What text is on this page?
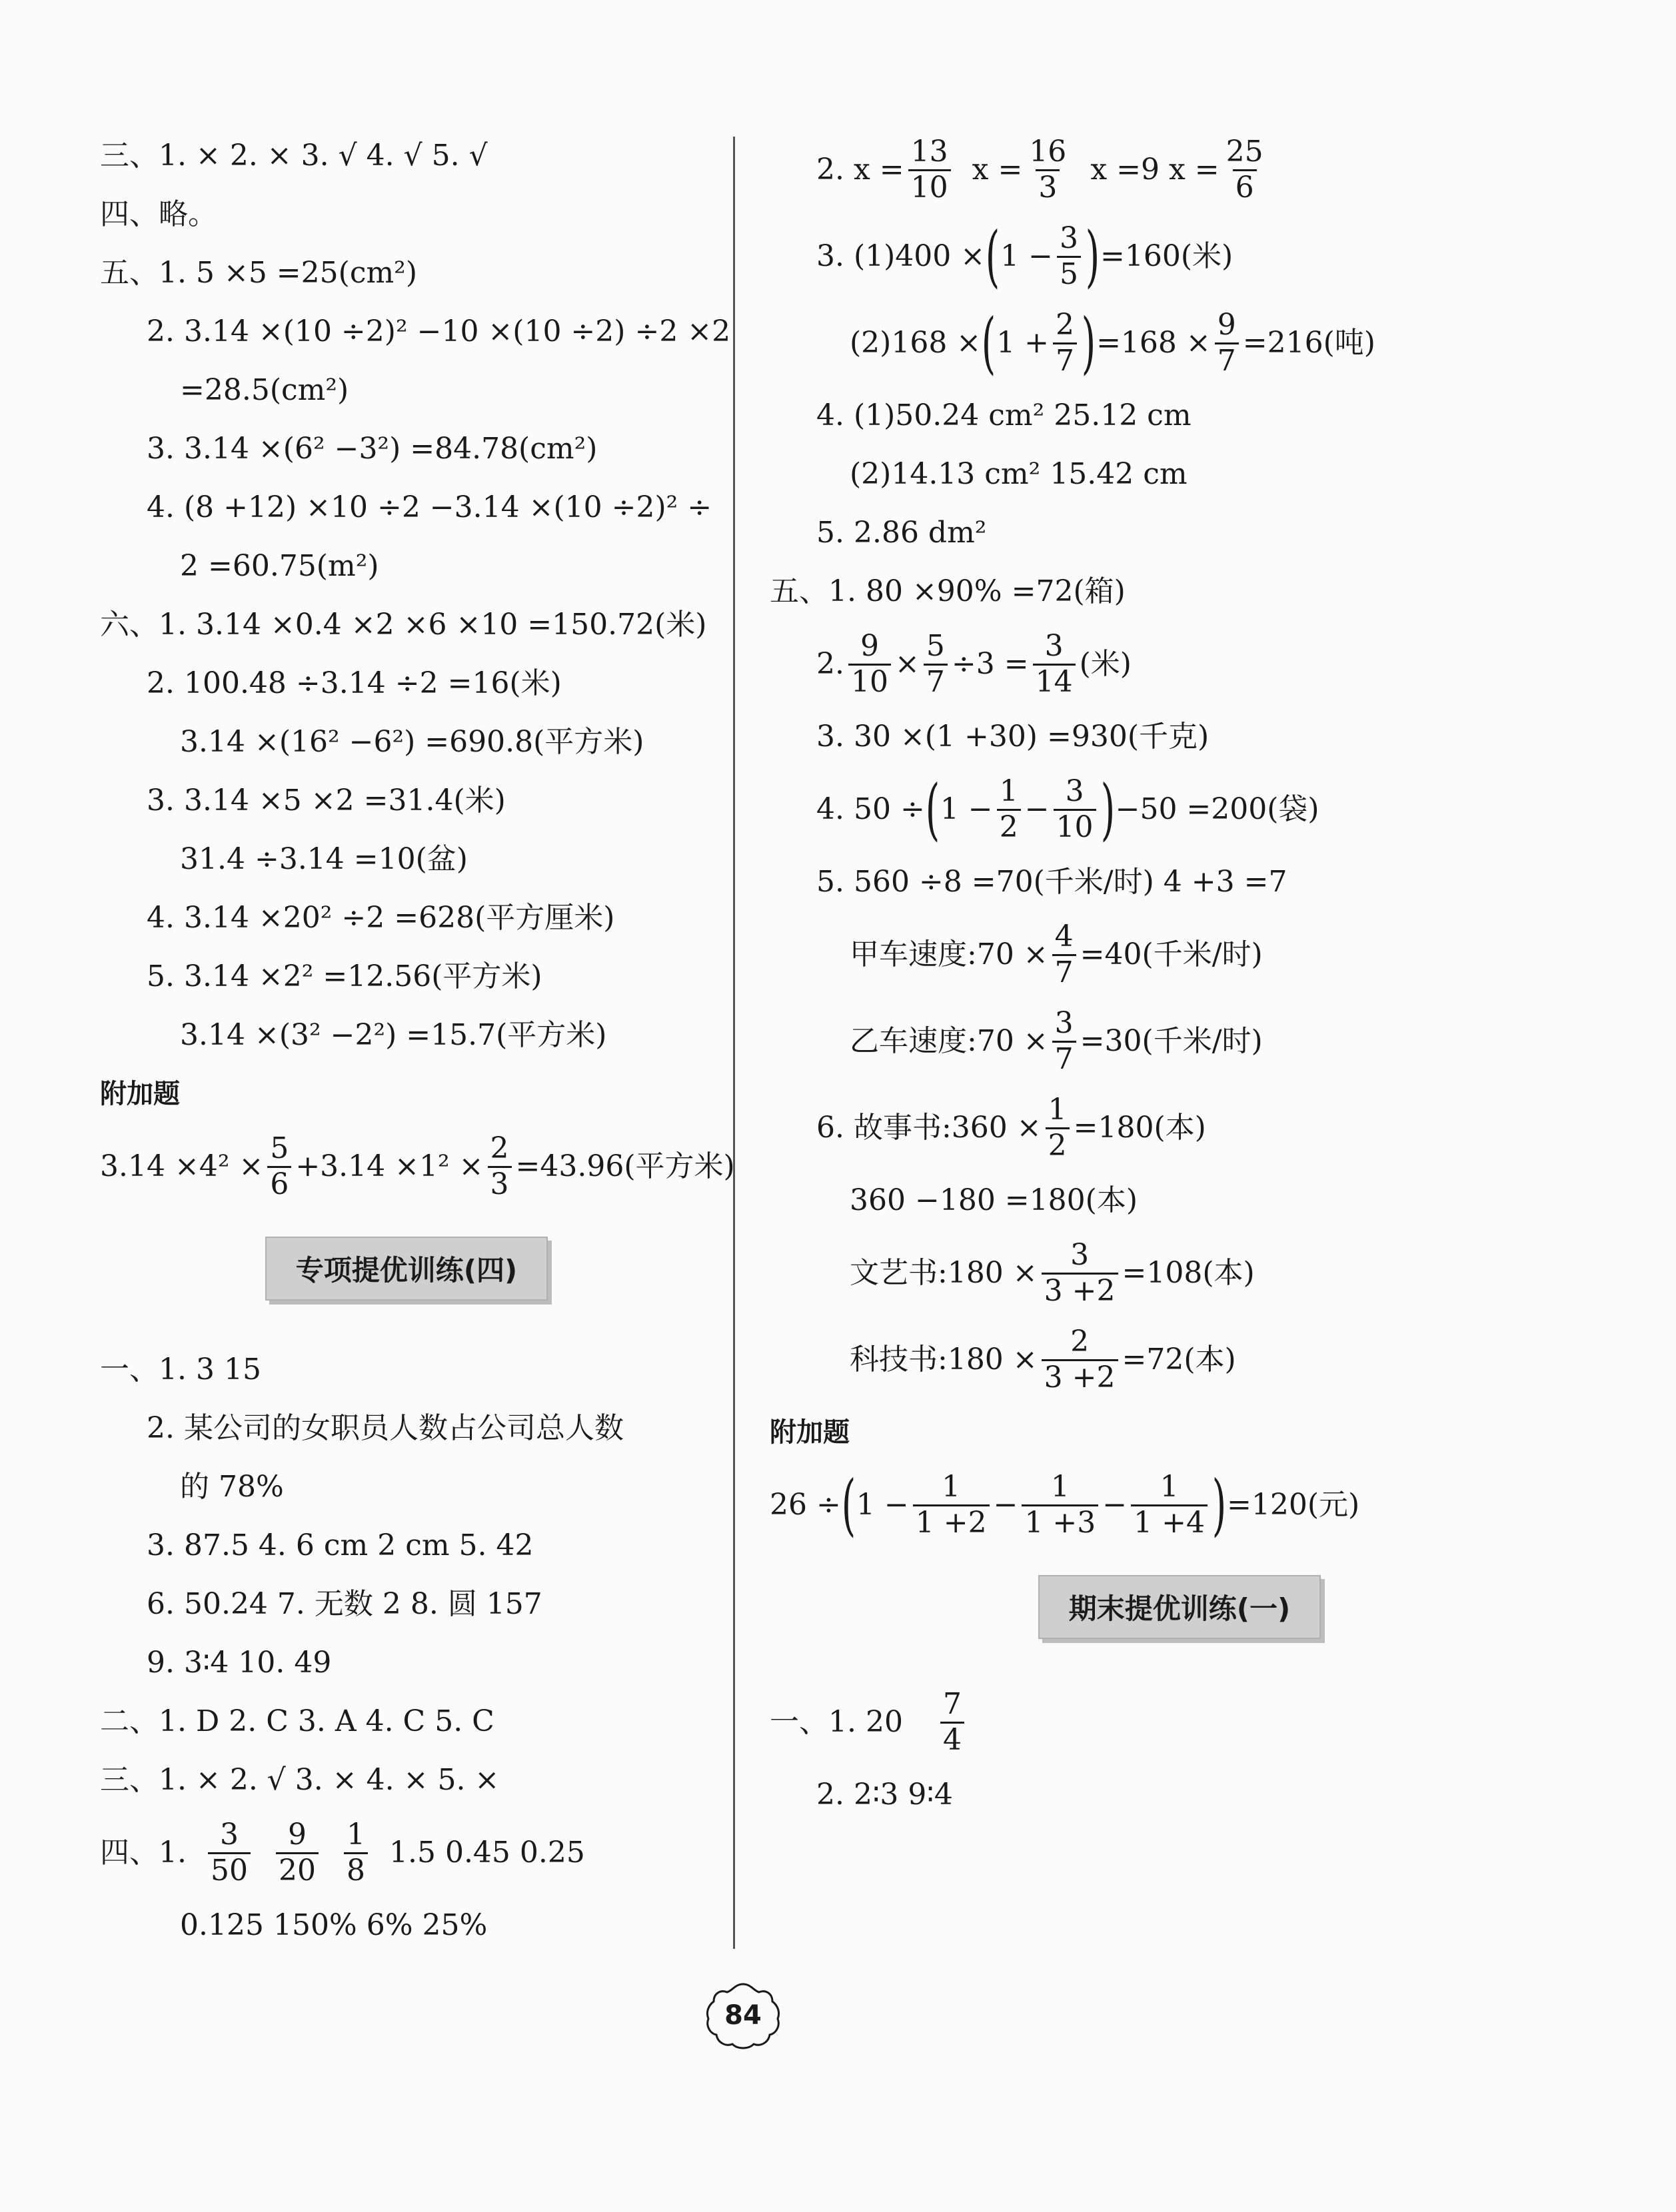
三、1. × 2. × 3. √ 4. √ 5. √
四、略。
五、1. 5 ×5 =25(cm²)
2. 3.14 ×(10 ÷2)² −10 ×(10 ÷2) ÷2 ×2
=28.5(cm²)
3. 3.14 ×(6² −3²) =84.78(cm²)
4. (8 +12) ×10 ÷2 −3.14 ×(10 ÷2)² ÷
2 =60.75(m²)
六、1. 3.14 ×0.4 ×2 ×6 ×10 =150.72(米)
2. 100.48 ÷3.14 ÷2 =16(米)
3.14 ×(16² −6²) =690.8(平方米)
3. 3.14 ×5 ×2 =31.4(米)
31.4 ÷3.14 =10(盆)
4. 3.14 ×20² ÷2 =628(平方厘米)
5. 3.14 ×2² =12.56(平方米)
3.14 ×(3² −2²) =15.7(平方米)
附加题
$3.14 \times 4^2 \times \frac{5}{6} +3.14 \times 1^2 \times \frac{2}{3} =43.96$(平方米)
专项提优训练(四)
一、1. 3 15
2. 某公司的女职员人数占公司总人数
的 78%
3. 87.5 4. 6 cm 2 cm 5. 42
6. 50.24 7. 无数 2 8. 圆 157
9. 3∶4 10. 49
二、1. D 2. C 3. A 4. C 5. C
三、1. × 2. √ 3. × 4. × 5. ×
四、1. $\frac{3}{50} \frac{9}{20} \frac{1}{8} 1.5$ 0.45 0.25
0.125 150% 6% 25%
2. $x = \frac{13}{10}$ $x = \frac{16}{3}$ x =9 $x = \frac{25}{6}$
3. (1)400 × ( $1 - \frac{3}{5}$ ) =160(米)
(2)168 × ( $1 + \frac{2}{7}$ ) $=168 \times \frac{9}{7} =216$(吨)
4. (1)50.24 cm² 25.12 cm
(2)14.13 cm² 15.42 cm
5. 2.86 dm²
五、1. 80 ×90% =72(箱)
2. $\frac{9}{10} \times \frac{5}{7} \div 3 = \frac{3}{14}$ (米)
3. 30 ×(1 +30) =930(千克)
4. 50 ÷ ( $1 - \frac{1}{2} - \frac{3}{10}$ ) −50 =200(袋)
5. 560 ÷8 =70(千米/时) 4 +3 =7
甲车速度:70 × $\frac{4}{7} =40$(千米/时)
乙车速度:70 × $\frac{3}{7} =30$(千米/时)
6. 故事书:360 × $\frac{1}{2} =180$(本)
360 −180 =180(本)
文艺书:180 × $\frac{3}{3 +2} =108$(本)
科技书:180 × $\frac{2}{3 +2} =72$(本)
附加题
26 ÷ ( $1 - \frac{1}{1 +2} - \frac{1}{1 +3} - \frac{1}{1 +4}$ ) =120(元)
期末提优训练(一)
一、1. $20 \frac{7}{4}$
2. 2∶3 9∶4
84
